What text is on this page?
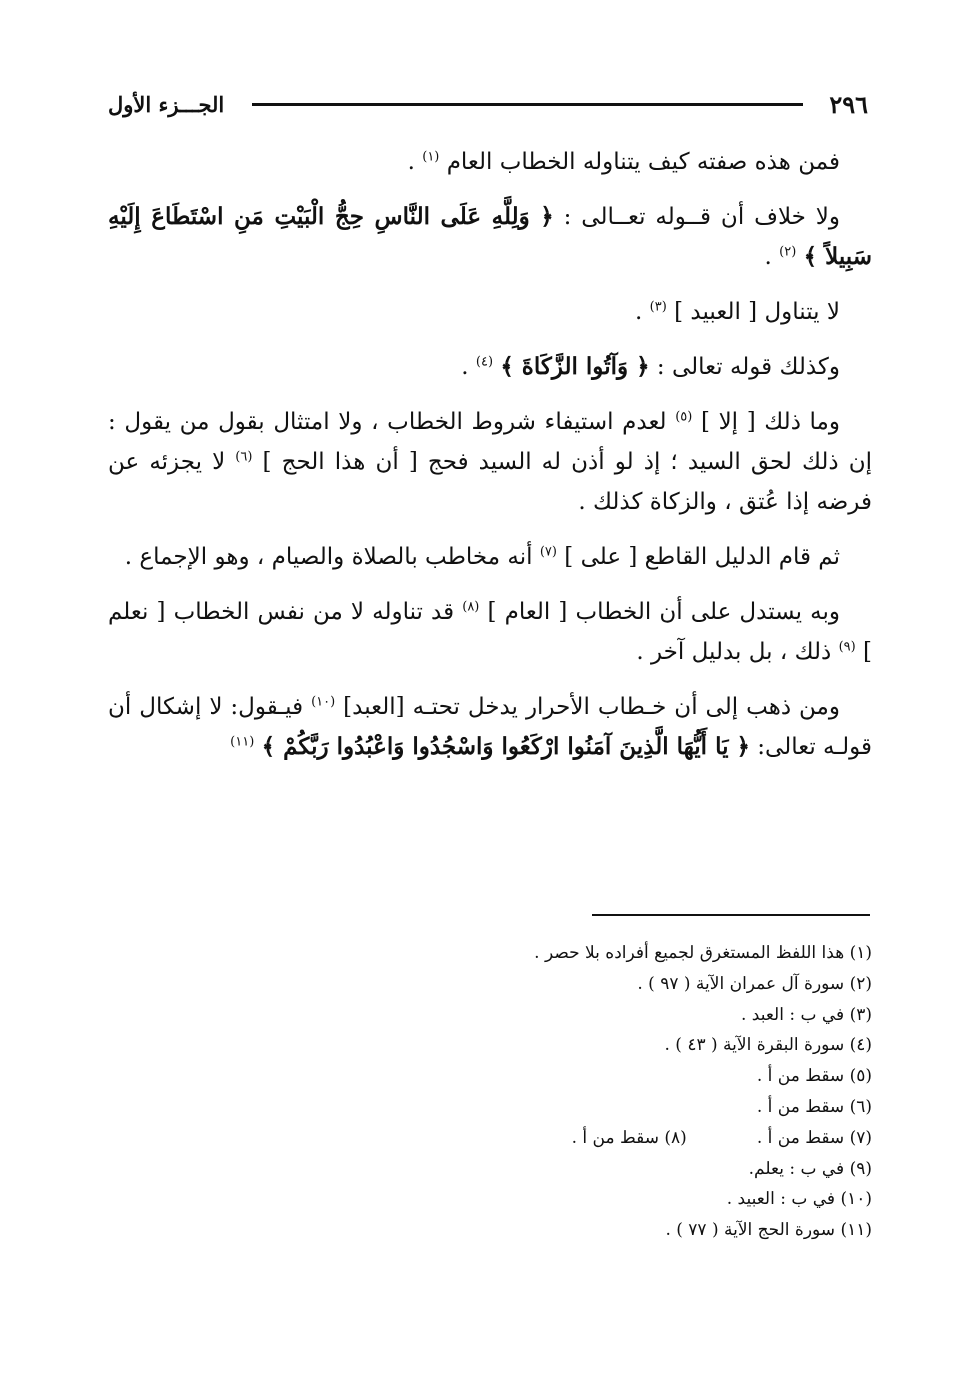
٢٩٦
الجـــزء الأول

فمن هذه صفته كيف يتناوله الخطاب العام $^{(١)}$ .

ولا خلاف أن قــوله تعــالى : ﴿ وَلِلَّهِ عَلَى النَّاسِ حِجُّ الْبَيْتِ مَنِ اسْتَطَاعَ إِلَيْهِ سَبِيلاً ﴾ $^{(٢)}$ .

لا يتناول [ العبيد ] $^{(٣)}$ .

وكذلك قوله تعالى : ﴿ وَآتُوا الزَّكَاةَ ﴾ $^{(٤)}$ .

وما ذلك [ إلا ] $^{(٥)}$ لعدم استيفاء شروط الخطاب ، ولا امتثال بقول من يقول : إن ذلك لحق السيد ؛ إذ لو أذن له السيد فحج [ أن هذا الحج ] $^{(٦)}$ لا يجزئه عن فرضه إذا عُتق ، والزكاة كذلك .

ثم قام الدليل القاطع [ على ] $^{(٧)}$ أنه مخاطب بالصلاة والصيام ، وهو الإجماع .

وبه يستدل على أن الخطاب [ العام ] $^{(٨)}$ قد تناوله لا من نفس الخطاب [ نعلم ] $^{(٩)}$ ذلك ، بل بدليل آخر .

ومن ذهب إلى أن خـطاب الأحرار يدخل تحتـه [العبد] $^{(١٠)}$ فيـقول: لا إشكال أن قولـه تعالى: ﴿ يَا أَيُّهَا الَّذِينَ آمَنُوا ارْكَعُوا وَاسْجُدُوا وَاعْبُدُوا رَبَّكُمْ ﴾ $^{(١١)}$

(١) هذا اللفظ المستغرق لجميع أفراده بلا حصر .
(٢) سورة آل عمران الآية ( ٩٧ ) .
(٣) في ب : العبد .
(٤) سورة البقرة الآية ( ٤٣ ) .
(٥) سقط من أ .
(٦) سقط من أ .
(٧) سقط من أ .(٨) سقط من أ .
(٩) في ب : يعلم.
(١٠) في ب : العبيد .
(١١) سورة الحج الآية ( ٧٧ ) .
